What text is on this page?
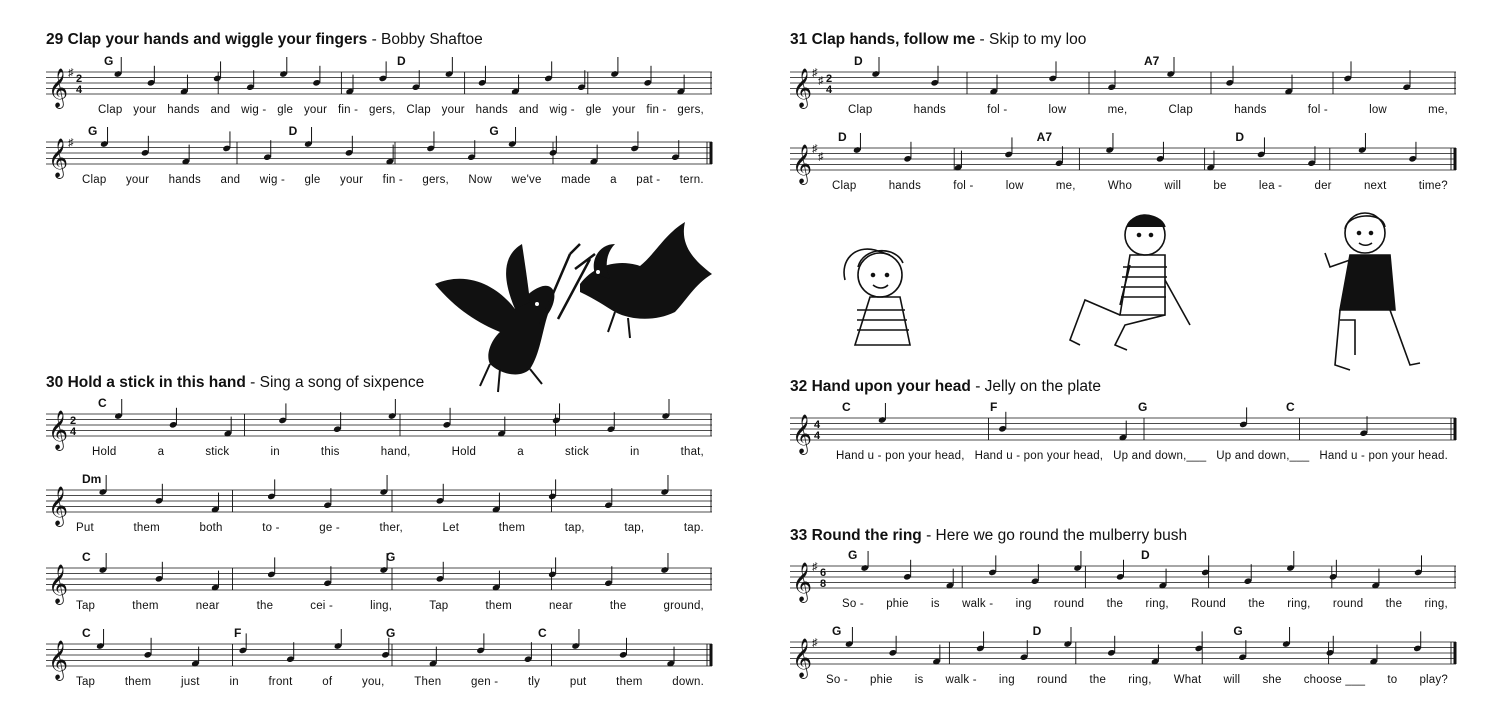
29 Clap your hands and wiggle your fingers - Bobby Shaftoe
𝄞 ♯ 2
4
G	D
Clap your hands and wig - gle your fin - gers, Clap your hands and wig - gle your fin - gers,
𝄞 ♯
G	D	G
Clap your hands and wig - gle your fin - gers, Now we've made a pat - tern.
30 Hold a stick in this hand - Sing a song of sixpence
𝄞 2
4
C
Hold	a	stick	in	this	hand,	Hold	a	stick	in	that,
𝄞
Dm
Put	them	both	to -	ge -	ther,	Let	them	tap,	tap,	tap.
𝄞
C	G
Tap	them	near	the	cei -	ling,	Tap	them	near	the	ground,
𝄞
C	F	G	C
Tap	them	just	in	front	of	you,	Then	gen -	tly	put	them	down.
31 Clap hands, follow me - Skip to my loo
𝄞 ♯
♯ 2
4
D	A7
Clap	hands	fol -	low	me,	Clap	hands	fol -	low	me,
𝄞 ♯
♯
D	A7	D
Clap	hands	fol -	low	me,	Who	will	be	lea -	der	next	time?
32 Hand upon your head - Jelly on the plate
𝄞 4
4
C	F	G	C
Hand u - pon your head, Hand u - pon your head, Up and down,___ Up and down,___ Hand u - pon your head.
33 Round the ring - Here we go round the mulberry bush
𝄞 ♯ 6
8
G	D
So - phie is walk - ing round the ring, Round the ring, round the ring,
𝄞 ♯
G	D	G
So - phie is walk - ing round the ring, What will she choose ___ to play?
